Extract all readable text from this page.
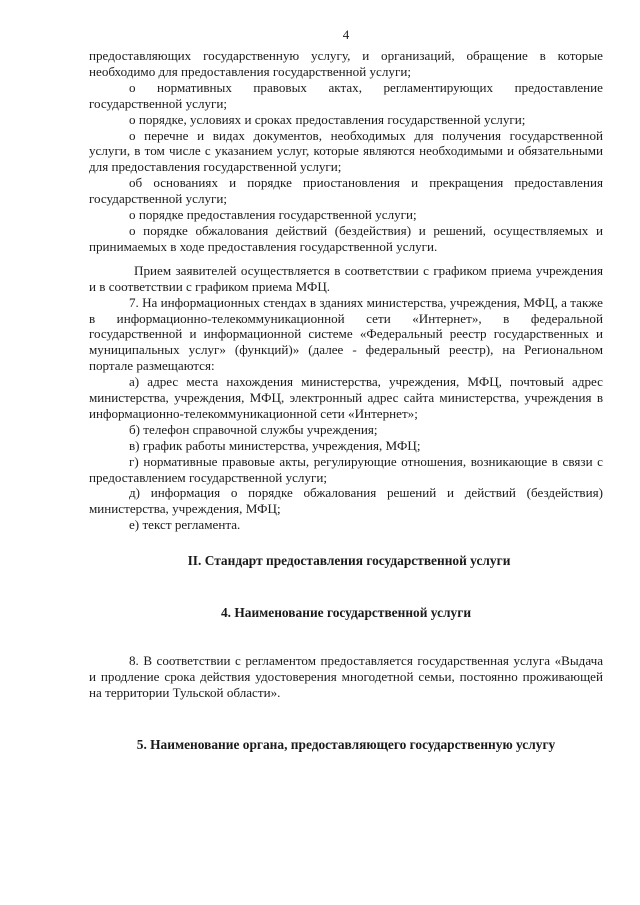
4

предоставляющих государственную услугу, и организаций, обращение в которые необходимо для предоставления государственной услуги;

о нормативных правовых актах, регламентирующих предоставление государственной услуги;

о порядке, условиях и сроках предоставления государственной услуги;

о перечне и видах документов, необходимых для получения государственной услуги, в том числе с указанием услуг, которые являются необходимыми и обязательными для предоставления государственной услуги;

об основаниях и порядке приостановления и прекращения предоставления государственной услуги;

о порядке предоставления государственной услуги;

о порядке обжалования действий (бездействия) и решений, осуществляемых и принимаемых в ходе предоставления государственной услуги.

Прием заявителей осуществляется в соответствии с графиком приема учреждения и в соответствии с графиком приема МФЦ.

7. На информационных стендах в зданиях министерства, учреждения, МФЦ, а также в информационно-телекоммуникационной сети «Интернет», в федеральной государственной и информационной системе «Федеральный реестр государственных и муниципальных услуг» (функций)» (далее - федеральный реестр), на Региональном портале размещаются:

а) адрес места нахождения министерства, учреждения, МФЦ, почтовый адрес министерства, учреждения, МФЦ, электронный адрес сайта министерства, учреждения в информационно-телекоммуникационной сети «Интернет»;

б) телефон справочной службы учреждения;

в) график работы министерства, учреждения, МФЦ;

г) нормативные правовые акты, регулирующие отношения, возникающие в связи с предоставлением государственной услуги;

д) информация о порядке обжалования решений и действий (бездействия) министерства, учреждения, МФЦ;

е) текст регламента.

II. Стандарт предоставления государственной услуги
4. Наименование государственной услуги

8. В соответствии с регламентом предоставляется государственная услуга «Выдача и продление срока действия удостоверения многодетной семьи, постоянно проживающей на территории Тульской области».

5. Наименование органа, предоставляющего государственную услугу
